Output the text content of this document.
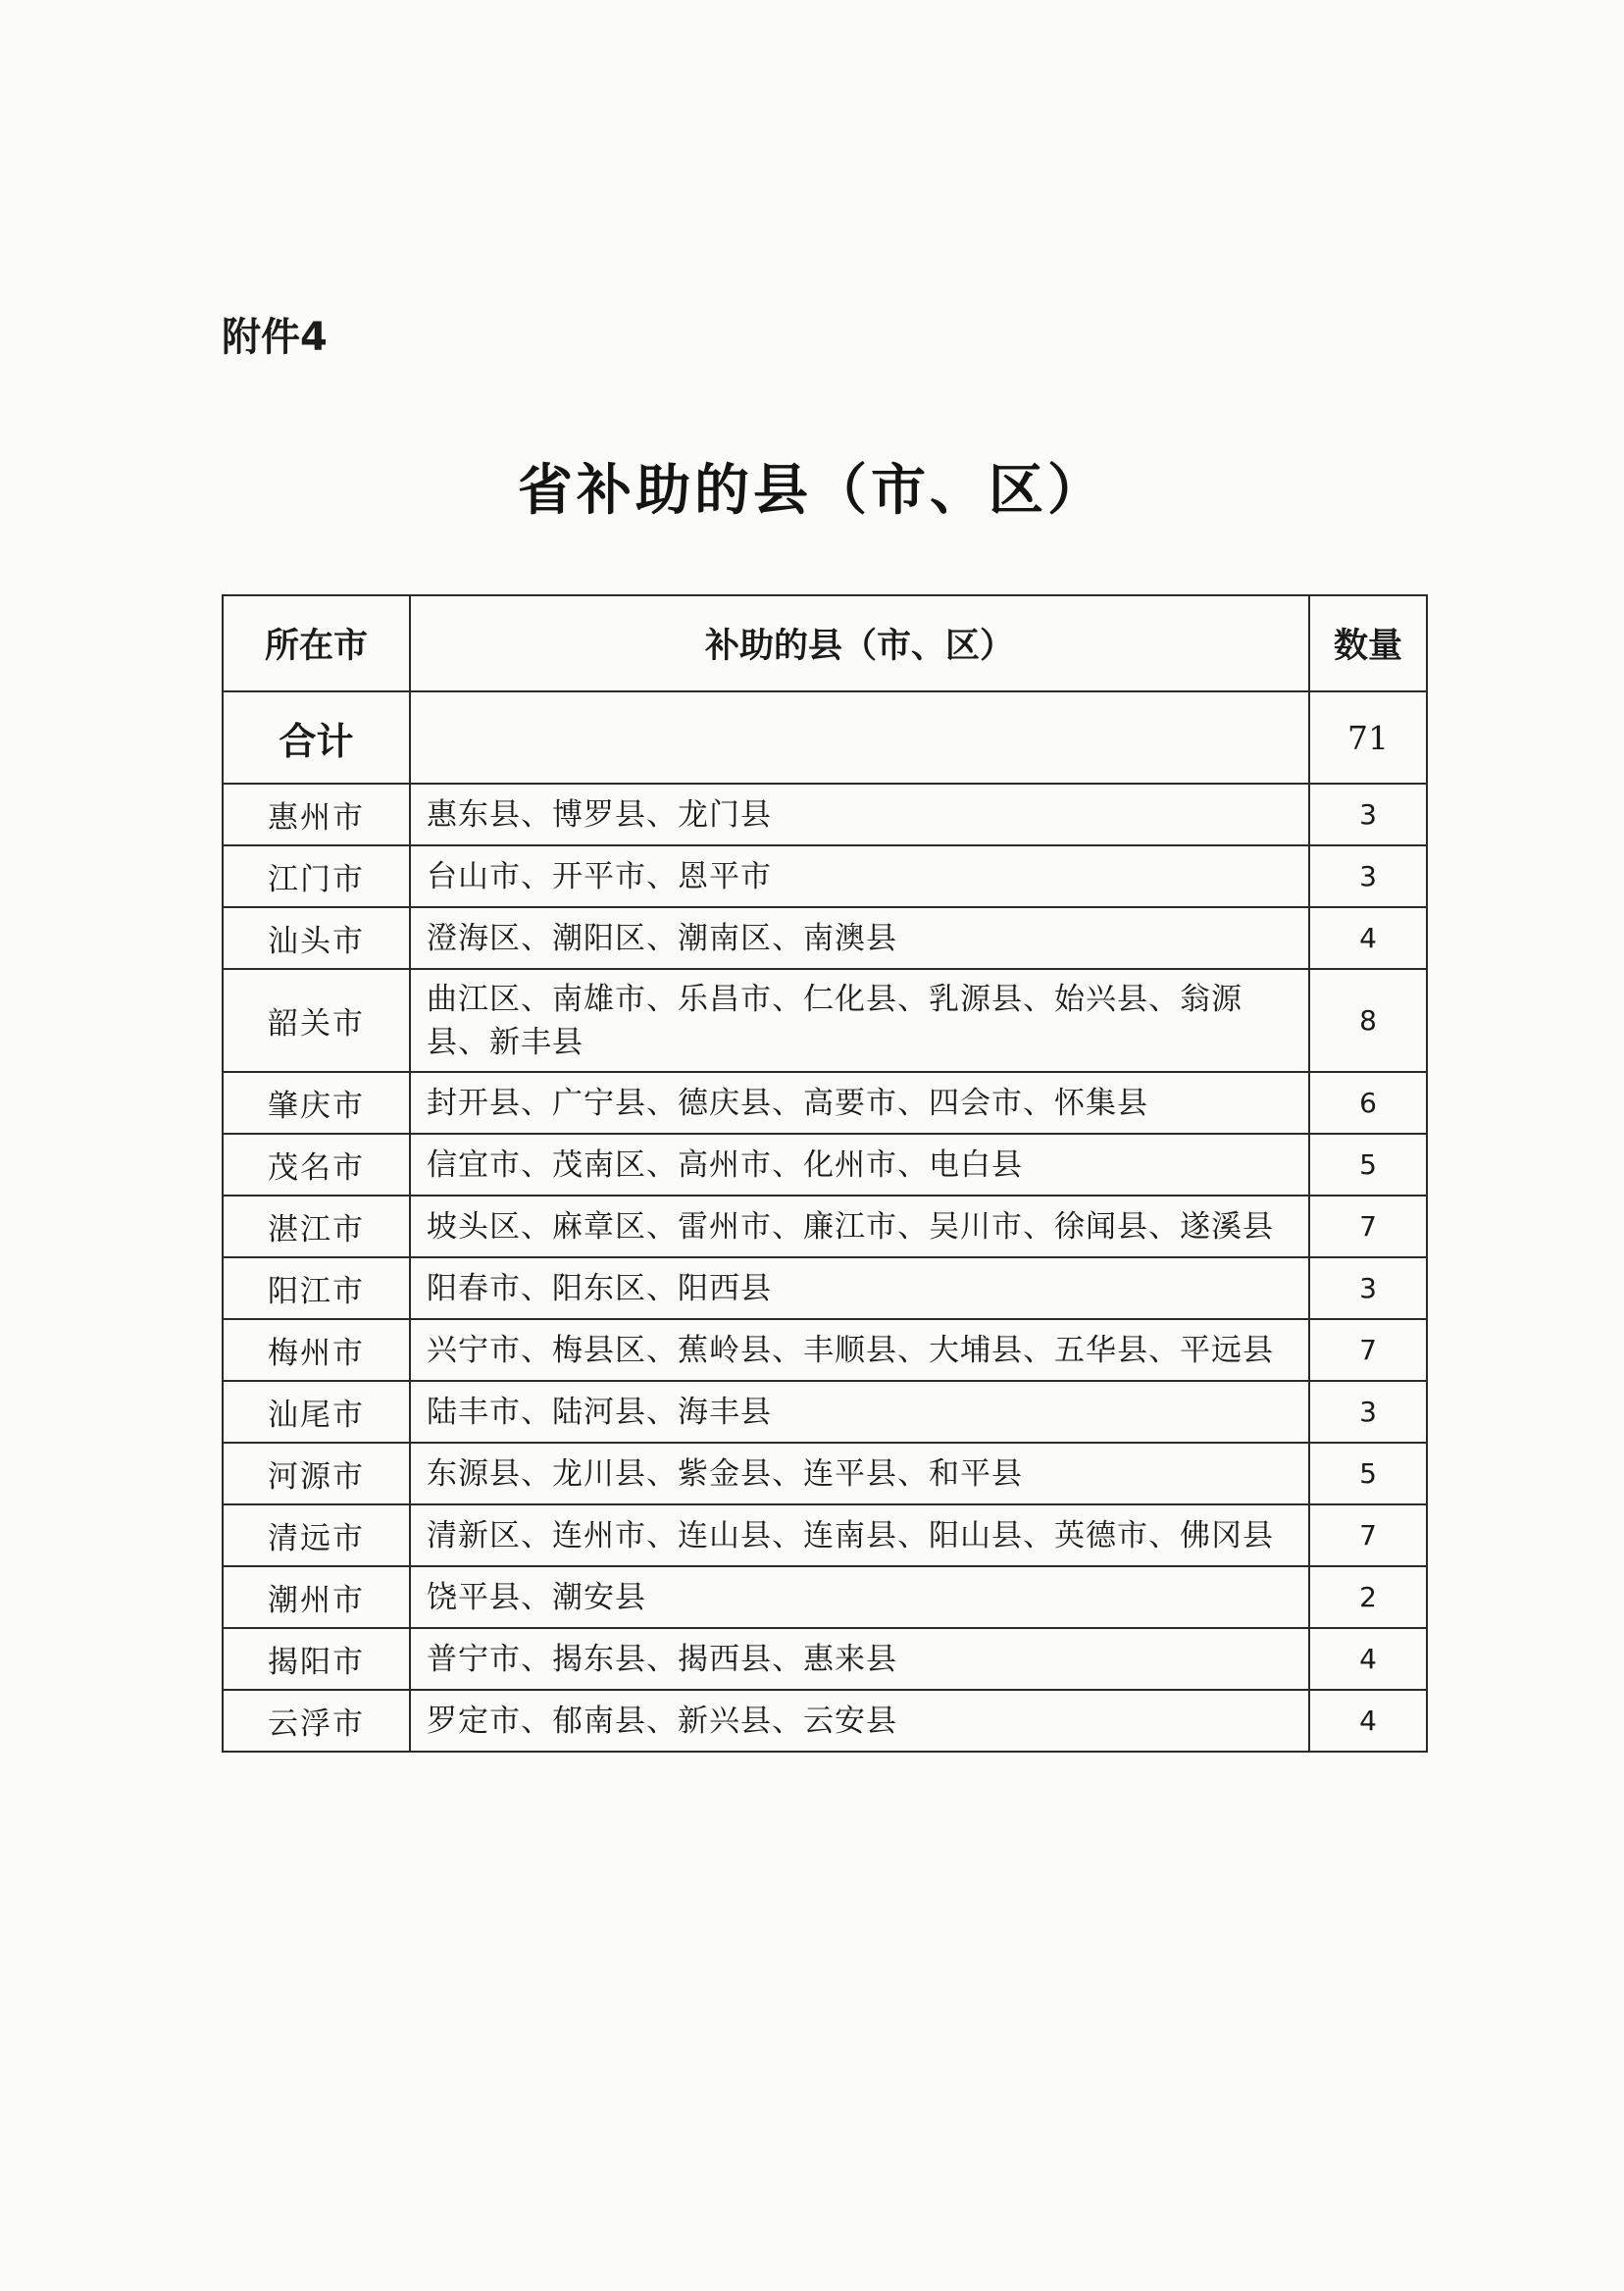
附件4
省补助的县（市、区）
所在市	补助的县（市、区）	数量
合计		71
惠州市	惠东县、博罗县、龙门县	3
江门市	台山市、开平市、恩平市	3
汕头市	澄海区、潮阳区、潮南区、南澳县	4
韶关市	曲江区、南雄市、乐昌市、仁化县、乳源县、始兴县、翁源县、新丰县	8
肇庆市	封开县、广宁县、德庆县、高要市、四会市、怀集县	6
茂名市	信宜市、茂南区、高州市、化州市、电白县	5
湛江市	坡头区、麻章区、雷州市、廉江市、吴川市、徐闻县、遂溪县	7
阳江市	阳春市、阳东区、阳西县	3
梅州市	兴宁市、梅县区、蕉岭县、丰顺县、大埔县、五华县、平远县	7
汕尾市	陆丰市、陆河县、海丰县	3
河源市	东源县、龙川县、紫金县、连平县、和平县	5
清远市	清新区、连州市、连山县、连南县、阳山县、英德市、佛冈县	7
潮州市	饶平县、潮安县	2
揭阳市	普宁市、揭东县、揭西县、惠来县	4
云浮市	罗定市、郁南县、新兴县、云安县	4
